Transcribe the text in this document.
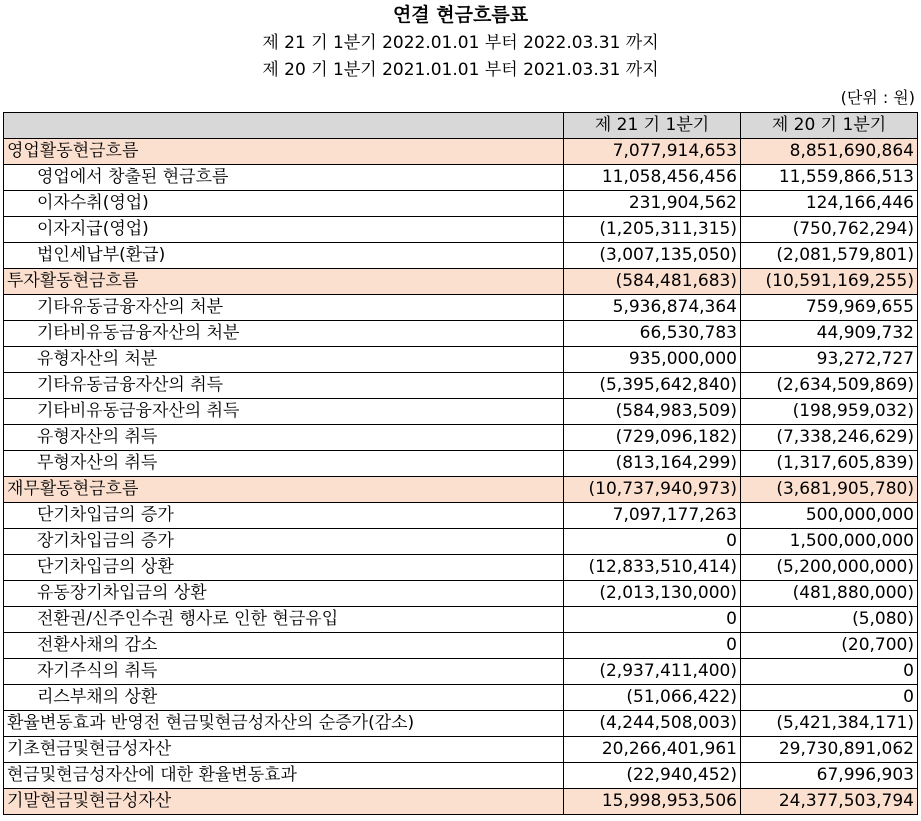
연결 현금흐름표
제 21 기 1분기 2022.01.01 부터 2022.03.31 까지
제 20 기 1분기 2021.01.01 부터 2021.03.31 까지
(단위 : 원)
	제 21 기 1분기	제 20 기 1분기
영업활동현금흐름	7,077,914,653	8,851,690,864
영업에서 창출된 현금흐름	11,058,456,456	11,559,866,513
이자수취(영업)	231,904,562	124,166,446
이자지급(영업)	(1,205,311,315)	(750,762,294)
법인세납부(환급)	(3,007,135,050)	(2,081,579,801)
투자활동현금흐름	(584,481,683)	(10,591,169,255)
기타유동금융자산의 처분	5,936,874,364	759,969,655
기타비유동금융자산의 처분	66,530,783	44,909,732
유형자산의 처분	935,000,000	93,272,727
기타유동금융자산의 취득	(5,395,642,840)	(2,634,509,869)
기타비유동금융자산의 취득	(584,983,509)	(198,959,032)
유형자산의 취득	(729,096,182)	(7,338,246,629)
무형자산의 취득	(813,164,299)	(1,317,605,839)
재무활동현금흐름	(10,737,940,973)	(3,681,905,780)
단기차입금의 증가	7,097,177,263	500,000,000
장기차입금의 증가	0	1,500,000,000
단기차입금의 상환	(12,833,510,414)	(5,200,000,000)
유동장기차입금의 상환	(2,013,130,000)	(481,880,000)
전환권/신주인수권 행사로 인한 현금유입	0	(5,080)
전환사채의 감소	0	(20,700)
자기주식의 취득	(2,937,411,400)	0
리스부채의 상환	(51,066,422)	0
환율변동효과 반영전 현금및현금성자산의 순증가(감소)	(4,244,508,003)	(5,421,384,171)
기초현금및현금성자산	20,266,401,961	29,730,891,062
현금및현금성자산에 대한 환율변동효과	(22,940,452)	67,996,903
기말현금및현금성자산	15,998,953,506	24,377,503,794
